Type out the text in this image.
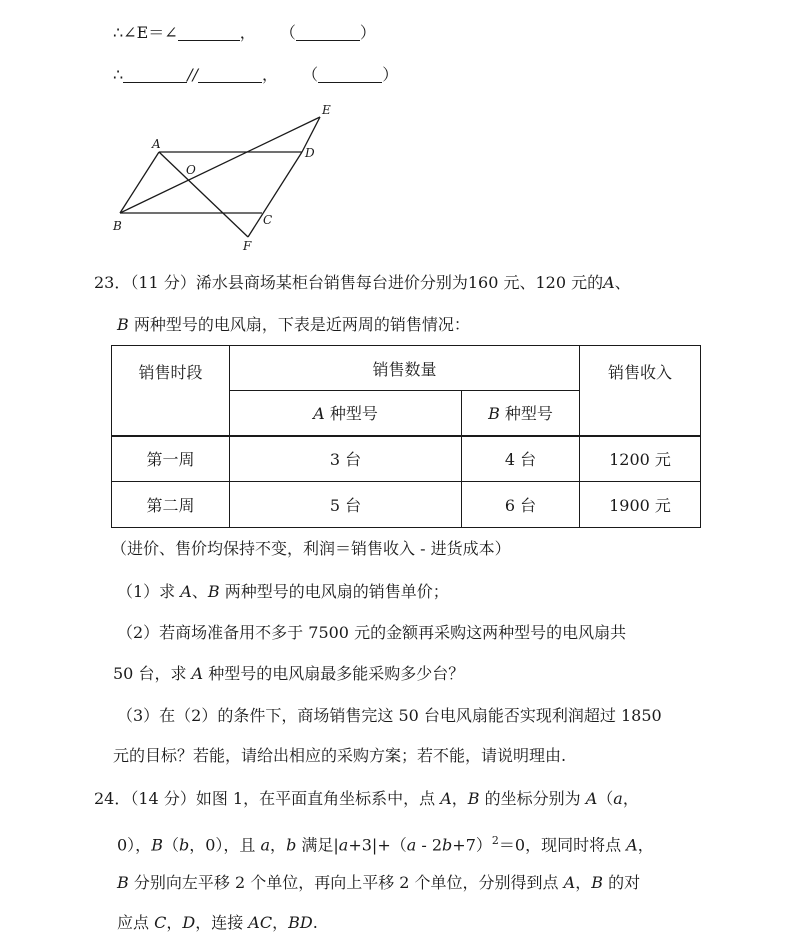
∴∠E＝∠	， （	）
∴	//	， （	）
A
B	C
D
E
F
O
23．（11 分）浠水县商场某柜台销售每台进价分别为160 元、120 元的A、
B 两种型号的电风扇，下表是近两周的销售情况：
销售时段	销售数量		销售收入
	A 种型号	B 种型号	
第一周	3 台	4 台	1200 元
第二周	5 台	6 台	1900 元
（进价、售价均保持不变，利润＝销售收入 - 进货成本）
（1）求 A、B 两种型号的电风扇的销售单价；
（2）若商场准备用不多于 7500 元的金额再采购这两种型号的电风扇共
50 台，求 A 种型号的电风扇最多能采购多少台？
（3）在（2）的条件下，商场销售完这 50 台电风扇能否实现利润超过 1850
元的目标？若能，请给出相应的采购方案；若不能，请说明理由.
24．（14 分）如图 1，在平面直角坐标系中，点 A，B 的坐标分别为 A（a，
0），B（b，0），且 a，b 满足$|a+3|+(a - 2b+7)^2=0$，现同时将点 A，
B 分别向左平移 2 个单位，再向上平移 2 个单位，分别得到点 A，B 的对
应点 C，D，连接 AC，BD.
